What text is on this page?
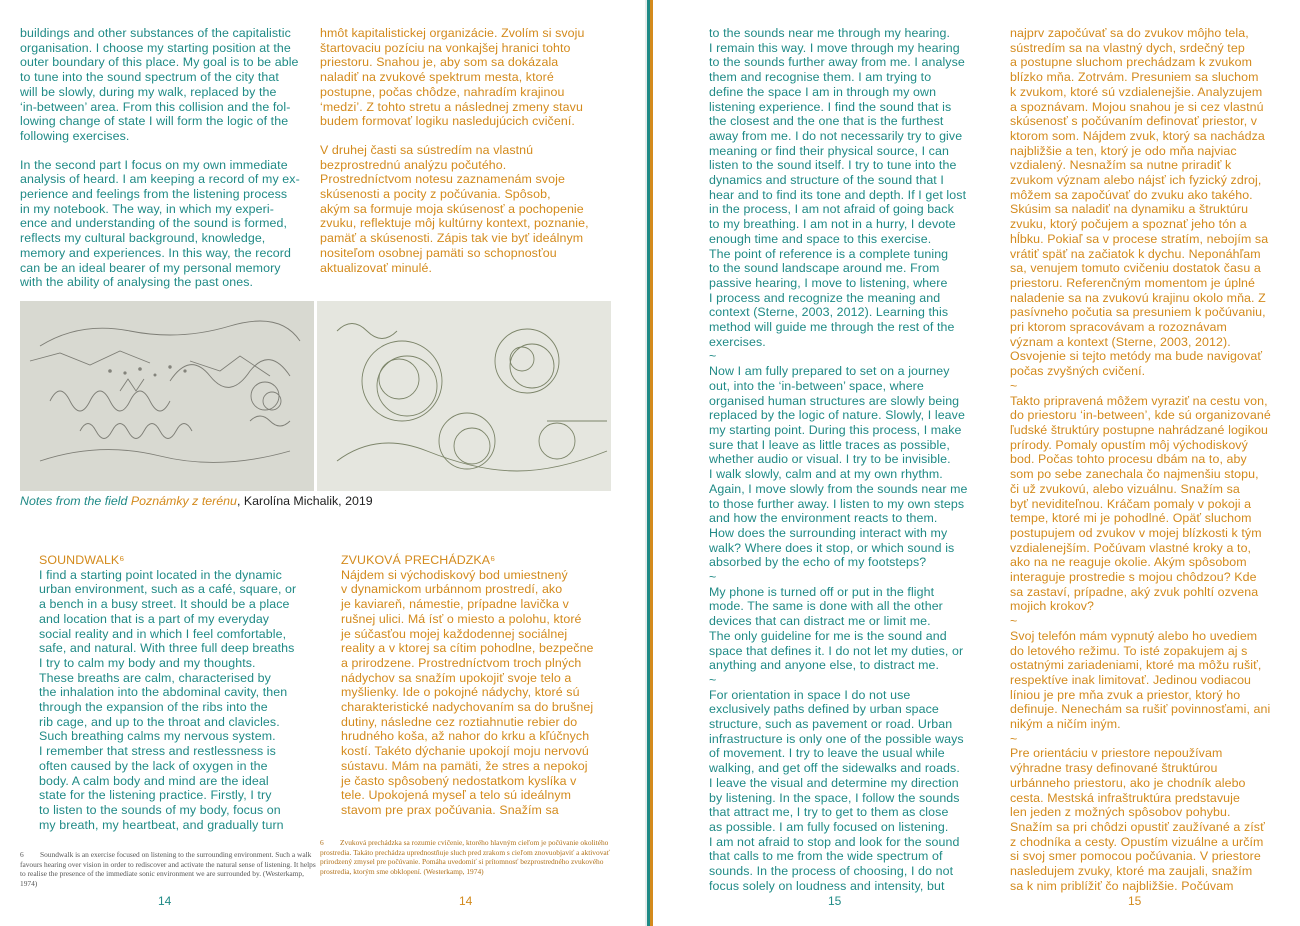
buildings and other substances of the capitalistic
organisation. I choose my starting position at the
outer boundary of this place. My goal is to be able
to tune into the sound spectrum of the city that
will be slowly, during my walk, replaced by the
‘in-between’ area. From this collision and the fol-
lowing change of state I will form the logic of the
following exercises.

In the second part I focus on my own immediate
analysis of heard. I am keeping a record of my ex-
perience and feelings from the listening process
in my notebook. The way, in which my experi-
ence and understanding of the sound is formed,
reflects my cultural background, knowledge,
memory and experiences. In this way, the record
can be an ideal bearer of my personal memory
with the ability of analysing the past ones.

hmôt kapitalistickej organizácie. Zvolím si svoju
štartovaciu pozíciu na vonkajšej hranici tohto
priestoru. Snahou je, aby som sa dokázala
naladiť na zvukové spektrum mesta, ktoré
postupne, počas chôdze, nahradím krajinou
‘medzi’. Z tohto stretu a následnej zmeny stavu
budem formovať logiku nasledujúcich cvičení.

V druhej časti sa sústredím na vlastnú
bezprostrednú analýzu počutého.
Prostredníctvom notesu zaznamenám svoje
skúsenosti a pocity z počúvania. Spôsob,
akým sa formuje moja skúsenosť a pochopenie
zvuku, reflektuje môj kultúrny kontext, poznanie,
pamäť a skúsenosti. Zápis tak vie byť ideálnym
nositeľom osobnej pamäti so schopnosťou
aktualizovať minulé.

Notes from the field Poznámky z terénu, Karolína Michalik, 2019

SOUNDWALK⁶

I find a starting point located in the dynamic
urban environment, such as a café, square, or
a bench in a busy street. It should be a place
and location that is a part of my everyday
social reality and in which I feel comfortable,
safe, and natural. With three full deep breaths
I try to calm my body and my thoughts.
These breaths are calm, characterised by
the inhalation into the abdominal cavity, then
through the expansion of the ribs into the
rib cage, and up to the throat and clavicles.
Such breathing calms my nervous system.
I remember that stress and restlessness is
often caused by the lack of oxygen in the
body. A calm body and mind are the ideal
state for the listening practice. Firstly, I try
to listen to the sounds of my body, focus on
my breath, my heartbeat, and gradually turn

ZVUKOVÁ PRECHÁDZKA⁶

Nájdem si východiskový bod umiestnený
v dynamickom urbánnom prostredí, ako
je kaviareň, námestie, prípadne lavička v
rušnej ulici. Má ísť o miesto a polohu, ktoré
je súčasťou mojej každodennej sociálnej
reality a v ktorej sa cítim pohodlne, bezpečne
a prirodzene. Prostredníctvom troch plných
nádychov sa snažím upokojiť svoje telo a
myšlienky. Ide o pokojné nádychy, ktoré sú
charakteristické nadychovaním sa do brušnej
dutiny, následne cez roztiahnutie rebier do
hrudného koša, až nahor do krku a kľúčnych
kostí. Takéto dýchanie upokojí moju nervovú
sústavu. Mám na pamäti, že stres a nepokoj
je často spôsobený nedostatkom kyslíka v
tele. Upokojená myseľ a telo sú ideálnym
stavom pre prax počúvania. Snažím sa

6 Soundwalk is an exercise focused on listening to the surrounding environment. Such a walk favours hearing over vision in order to rediscover and activate the natural sense of listening. It helps to realise the presence of the immediate sonic environment we are surrounded by. (Westerkamp, 1974)
6 Zvuková prechádzka sa rozumie cvičenie, ktorého hlavným cieľom je počúvanie okolitého prostredia. Takáto prechádza uprednostňuje sluch pred zrakom s cieľom znovuobjaviť a aktivovať prirodzený zmysel pre počúvanie. Pomáha uvedomiť si prítomnosť bezprostredného zvukového prostredia, ktorým sme obklopení. (Westerkamp, 1974)
14	14

to the sounds near me through my hearing.
I remain this way. I move through my hearing
to the sounds further away from me. I analyse
them and recognise them. I am trying to
define the space I am in through my own
listening experience. I find the sound that is
the closest and the one that is the furthest
away from me. I do not necessarily try to give
meaning or find their physical source, I can
listen to the sound itself. I try to tune into the
dynamics and structure of the sound that I
hear and to find its tone and depth. If I get lost
in the process, I am not afraid of going back
to my breathing. I am not in a hurry, I devote
enough time and space to this exercise.
The point of reference is a complete tuning
to the sound landscape around me. From
passive hearing, I move to listening, where
I process and recognize the meaning and
context (Sterne, 2003, 2012). Learning this
method will guide me through the rest of the
exercises.
~
Now I am fully prepared to set on a journey
out, into the ‘in-between’ space, where
organised human structures are slowly being
replaced by the logic of nature. Slowly, I leave
my starting point. During this process, I make
sure that I leave as little traces as possible,
whether audio or visual. I try to be invisible.
I walk slowly, calm and at my own rhythm.
Again, I move slowly from the sounds near me
to those further away. I listen to my own steps
and how the environment reacts to them.
How does the surrounding interact with my
walk? Where does it stop, or which sound is
absorbed by the echo of my footsteps?
~
My phone is turned off or put in the flight
mode. The same is done with all the other
devices that can distract me or limit me.
The only guideline for me is the sound and
space that defines it. I do not let my duties, or
anything and anyone else, to distract me.
~
For orientation in space I do not use
exclusively paths defined by urban space
structure, such as pavement or road. Urban
infrastructure is only one of the possible ways
of movement. I try to leave the usual while
walking, and get off the sidewalks and roads.
I leave the visual and determine my direction
by listening. In the space, I follow the sounds
that attract me, I try to get to them as close
as possible. I am fully focused on listening.
I am not afraid to stop and look for the sound
that calls to me from the wide spectrum of
sounds. In the process of choosing, I do not
focus solely on loudness and intensity, but

najprv započúvať sa do zvukov môjho tela,
sústredím sa na vlastný dych, srdečný tep
a postupne sluchom prechádzam k zvukom
blízko mňa. Zotrvám. Presuniem sa sluchom
k zvukom, ktoré sú vzdialenejšie. Analyzujem
a spoznávam. Mojou snahou je si cez vlastnú
skúsenosť s počúvaním definovať priestor, v
ktorom som. Nájdem zvuk, ktorý sa nachádza
najbližšie a ten, ktorý je odo mňa najviac
vzdialený. Nesnažím sa nutne priradiť k
zvukom význam alebo nájsť ich fyzický zdroj,
môžem sa započúvať do zvuku ako takého.
Skúsim sa naladiť na dynamiku a štruktúru
zvuku, ktorý počujem a spoznať jeho tón a
hĺbku. Pokiaľ sa v procese stratím, nebojím sa
vrátiť späť na začiatok k dychu. Neponáhľam
sa, venujem tomuto cvičeniu dostatok času a
priestoru. Referenčným momentom je úplné
naladenie sa na zvukovú krajinu okolo mňa. Z
pasívneho počutia sa presuniem k počúvaniu,
pri ktorom spracovávam a rozoznávam
význam a kontext (Sterne, 2003, 2012).
Osvojenie si tejto metódy ma bude navigovať
počas zvyšných cvičení.
~
Takto pripravená môžem vyraziť na cestu von,
do priestoru ‘in-between’, kde sú organizované
ľudské štruktúry postupne nahrádzané logikou
prírody. Pomaly opustím môj východiskový
bod. Počas tohto procesu dbám na to, aby
som po sebe zanechala čo najmenšiu stopu,
či už zvukovú, alebo vizuálnu. Snažím sa
byť neviditeľnou. Kráčam pomaly v pokoji a
tempe, ktoré mi je pohodlné. Opäť sluchom
postupujem od zvukov v mojej blízkosti k tým
vzdialenejším. Počúvam vlastné kroky a to,
ako na ne reaguje okolie. Akým spôsobom
interaguje prostredie s mojou chôdzou? Kde
sa zastaví, prípadne, aký zvuk pohltí ozvena
mojich krokov?
~
Svoj telefón mám vypnutý alebo ho uvediem
do letového režimu. To isté zopakujem aj s
ostatnými zariadeniami, ktoré ma môžu rušiť,
respektíve inak limitovať. Jedinou vodiacou
líniou je pre mňa zvuk a priestor, ktorý ho
definuje. Nenechám sa rušiť povinnosťami, ani
nikým a ničím iným.
~
Pre orientáciu v priestore nepoužívam
výhradne trasy definované štruktúrou
urbánneho priestoru, ako je chodník alebo
cesta. Mestská infraštruktúra predstavuje
len jeden z možných spôsobov pohybu.
Snažím sa pri chôdzi opustiť zaužívané a zísť
z chodníka a cesty. Opustím vizuálne a určím
si svoj smer pomocou počúvania. V priestore
nasledujem zvuky, ktoré ma zaujali, snažím
sa k nim priblížiť čo najbližšie. Počúvam

15	15
